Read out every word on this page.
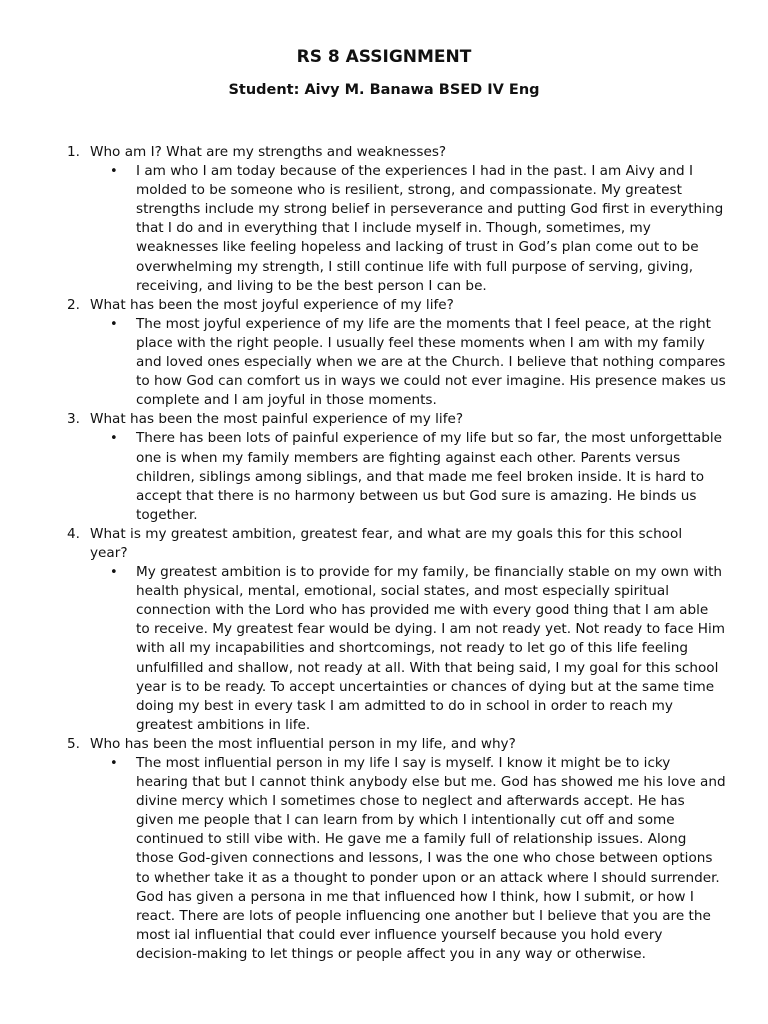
RS 8 ASSIGNMENT
Student: Aivy M. Banawa BSED IV Eng
1. Who am I? What are my strengths and weaknesses?
• I am who I am today because of the experiences I had in the past. I am Aivy and I molded to be someone who is resilient, strong, and compassionate. My greatest strengths include my strong belief in perseverance and putting God first in everything that I do and in everything that I include myself in. Though, sometimes, my weaknesses like feeling hopeless and lacking of trust in God’s plan come out to be overwhelming my strength, I still continue life with full purpose of serving, giving, receiving, and living to be the best person I can be.
2. What has been the most joyful experience of my life?
• The most joyful experience of my life are the moments that I feel peace, at the right place with the right people. I usually feel these moments when I am with my family and loved ones especially when we are at the Church. I believe that nothing compares to how God can comfort us in ways we could not ever imagine. His presence makes us complete and I am joyful in those moments.
3. What has been the most painful experience of my life?
• There has been lots of painful experience of my life but so far, the most unforgettable one is when my family members are fighting against each other. Parents versus children, siblings among siblings, and that made me feel broken inside. It is hard to accept that there is no harmony between us but God sure is amazing. He binds us together.
4. What is my greatest ambition, greatest fear, and what are my goals this for this school year?
• My greatest ambition is to provide for my family, be financially stable on my own with health physical, mental, emotional, social states, and most especially spiritual connection with the Lord who has provided me with every good thing that I am able to receive. My greatest fear would be dying. I am not ready yet. Not ready to face Him with all my incapabilities and shortcomings, not ready to let go of this life feeling unfulfilled and shallow, not ready at all. With that being said, I my goal for this school year is to be ready. To accept uncertainties or chances of dying but at the same time doing my best in every task I am admitted to do in school in order to reach my greatest ambitions in life.
5. Who has been the most influential person in my life, and why?
• The most influential person in my life I say is myself. I know it might be to icky hearing that but I cannot think anybody else but me. God has showed me his love and divine mercy which I sometimes chose to neglect and afterwards accept. He has given me people that I can learn from by which I intentionally cut off and some continued to still vibe with. He gave me a family full of relationship issues. Along those God-given connections and lessons, I was the one who chose between options to whether take it as a thought to ponder upon or an attack where I should surrender. God has given a persona in me that influenced how I think, how I submit, or how I react. There are lots of people influencing one another but I believe that you are the most ial influential that could ever influence yourself because you hold every decision-making to let things or people affect you in any way or otherwise.
